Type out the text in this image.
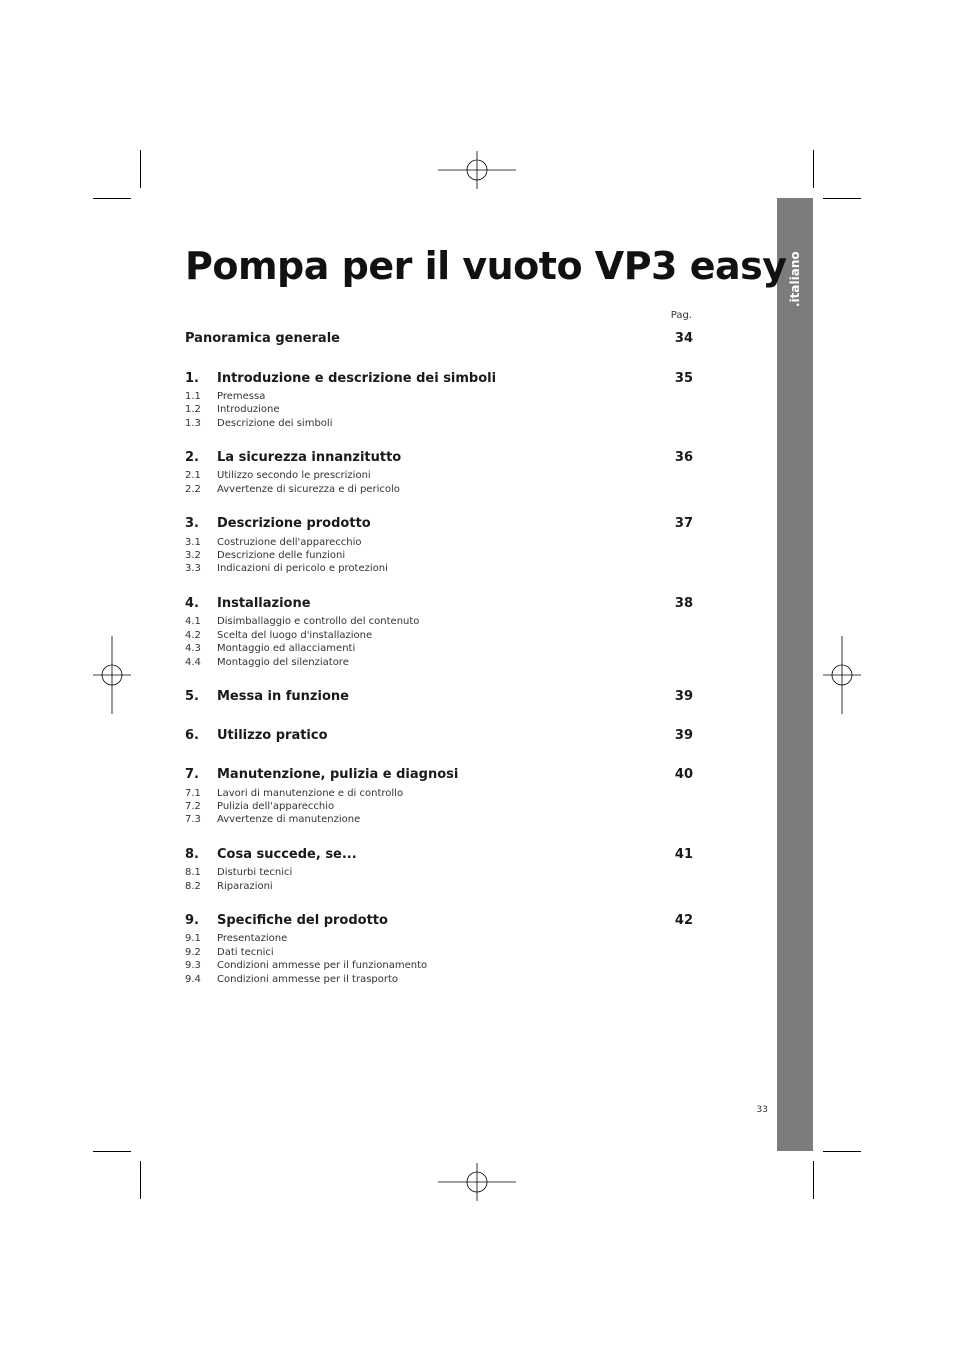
.italiano
Pompa per il vuoto VP3 easy
Pag.
Panoramica generale	34
1. Introduzione e descrizione dei simboli	35
1.1 Premessa
1.2 Introduzione
1.3 Descrizione dei simboli
2. La sicurezza innanzitutto	36
2.1 Utilizzo secondo le prescrizioni
2.2 Avvertenze di sicurezza e di pericolo
3. Descrizione prodotto	37
3.1 Costruzione dell'apparecchio
3.2 Descrizione delle funzioni
3.3 Indicazioni di pericolo e protezioni
4. Installazione	38
4.1 Disimballaggio e controllo del contenuto
4.2 Scelta del luogo d'installazione
4.3 Montaggio ed allacciamenti
4.4 Montaggio del silenziatore
5. Messa in funzione	39
6. Utilizzo pratico	39
7. Manutenzione, pulizia e diagnosi	40
7.1 Lavori di manutenzione e di controllo
7.2 Pulizia dell'apparecchio
7.3 Avvertenze di manutenzione
8. Cosa succede, se...	41
8.1 Disturbi tecnici
8.2 Riparazioni
9. Specifiche del prodotto	42
9.1 Presentazione
9.2 Dati tecnici
9.3 Condizioni ammesse per il funzionamento
9.4 Condizioni ammesse per il trasporto
33
